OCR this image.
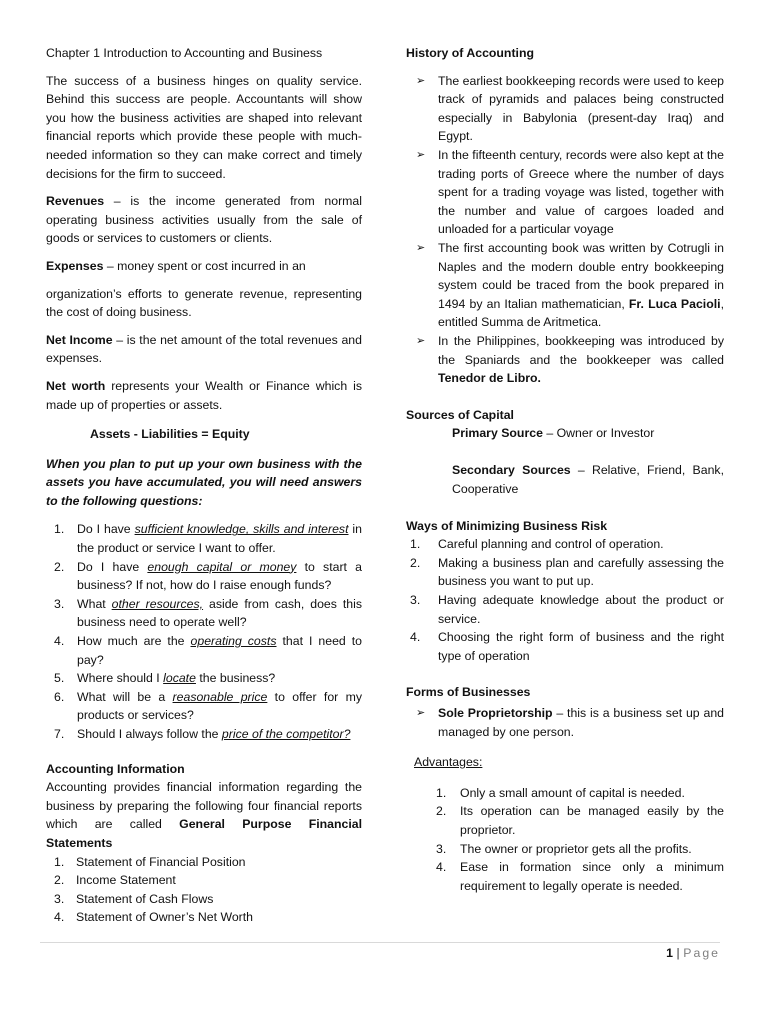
Chapter 1 Introduction to Accounting and Business

The success of a business hinges on quality service. Behind this success are people. Accountants will show you how the business activities are shaped into relevant financial reports which provide these people with much-needed information so they can make correct and timely decisions for the firm to succeed.

Revenues – is the income generated from normal operating business activities usually from the sale of goods or services to customers or clients.

Expenses – money spent or cost incurred in an

organization’s efforts to generate revenue, representing the cost of doing business.

Net Income – is the net amount of the total revenues and expenses.

Net worth represents your Wealth or Finance which is made up of properties or assets.

Assets - Liabilities = Equity

When you plan to put up your own business with the assets you have accumulated, you will need answers to the following questions:

1. Do I have sufficient knowledge, skills and interest in the product or service I want to offer.
2. Do I have enough capital or money to start a business? If not, how do I raise enough funds?
3. What other resources, aside from cash, does this business need to operate well?
4. How much are the operating costs that I need to pay?
5. Where should I locate the business?
6. What will be a reasonable price to offer for my products or services?
7. Should I always follow the price of the competitor?

Accounting Information

Accounting provides financial information regarding the business by preparing the following four financial reports which are called General Purpose Financial Statements

1. Statement of Financial Position
2. Income Statement
3. Statement of Cash Flows
4. Statement of Owner’s Net Worth

History of Accounting

➢ The earliest bookkeeping records were used to keep track of pyramids and palaces being constructed especially in Babylonia (present-day Iraq) and Egypt.
➢ In the fifteenth century, records were also kept at the trading ports of Greece where the number of days spent for a trading voyage was listed, together with the number and value of cargoes loaded and unloaded for a particular voyage
➢ The first accounting book was written by Cotrugli in Naples and the modern double entry bookkeeping system could be traced from the book prepared in 1494 by an Italian mathematician, Fr. Luca Pacioli, entitled Summa de Aritmetica.
➢ In the Philippines, bookkeeping was introduced by the Spaniards and the bookkeeper was called Tenedor de Libro.

Sources of Capital

Primary Source – Owner or Investor

Secondary Sources – Relative, Friend, Bank, Cooperative

Ways of Minimizing Business Risk

1. Careful planning and control of operation.
2. Making a business plan and carefully assessing the business you want to put up.
3. Having adequate knowledge about the product or service.
4. Choosing the right form of business and the right type of operation

Forms of Businesses

➢ Sole Proprietorship – this is a business set up and managed by one person.

Advantages:

1. Only a small amount of capital is needed.
2. Its operation can be managed easily by the proprietor.
3. The owner or proprietor gets all the profits.
4. Ease in formation since only a minimum requirement to legally operate is needed.
1 | Page
